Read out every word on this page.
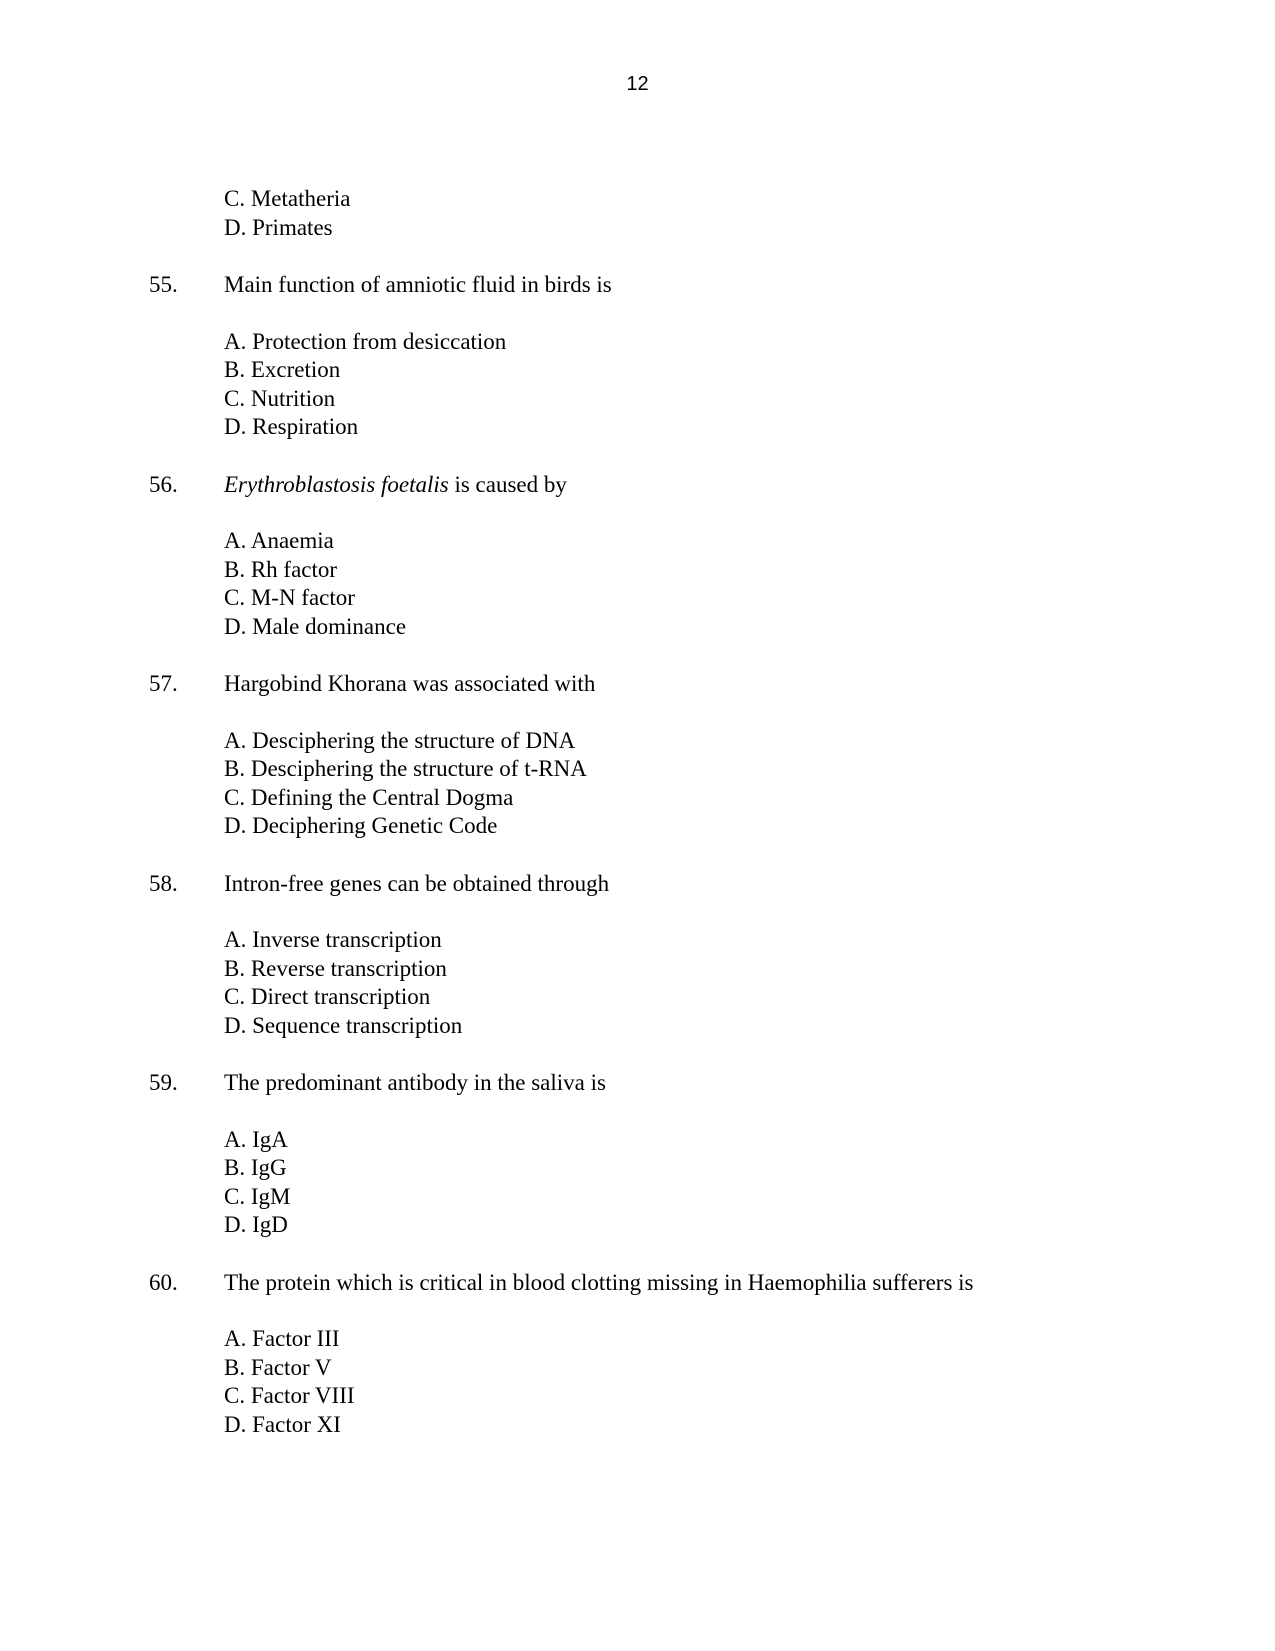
12
C. Metatheria
D. Primates
55. Main function of amniotic fluid in birds is
A. Protection from desiccation
B. Excretion
C. Nutrition
D. Respiration
56. Erythroblastosis foetalis is caused by
A. Anaemia
B. Rh factor
C. M-N factor
D. Male dominance
57. Hargobind Khorana was associated with
A. Desciphering the structure of DNA
B. Desciphering the structure of t-RNA
C. Defining the Central Dogma
D. Deciphering Genetic Code
58. Intron-free genes can be obtained through
A. Inverse transcription
B. Reverse transcription
C. Direct transcription
D. Sequence transcription
59. The predominant antibody in the saliva is
A. IgA
B. IgG
C. IgM
D. IgD
60. The protein which is critical in blood clotting missing in Haemophilia sufferers is
A. Factor III
B. Factor V
C. Factor VIII
D. Factor XI
